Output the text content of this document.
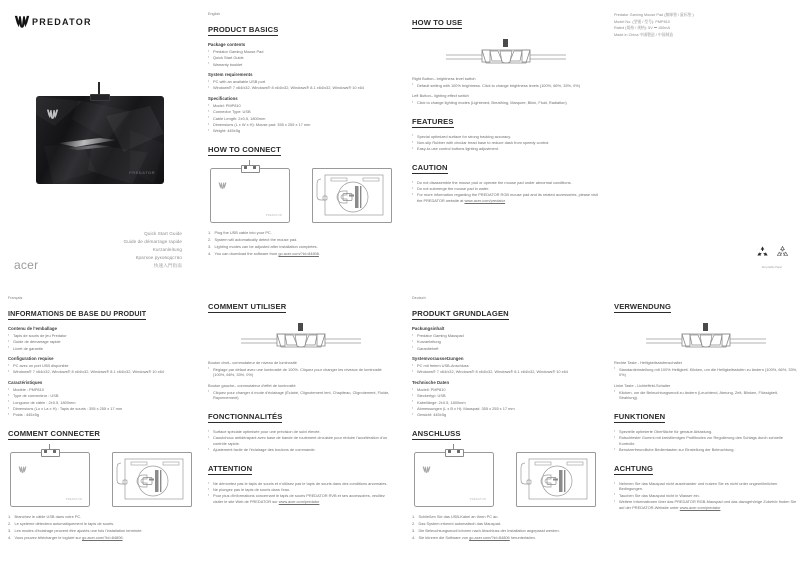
PREDATOR
PREDATOR
Quick Start Guide
Guide de démarrage rapide
Kurzanleitung
Краткое руководство
快速入門指南
acer
English
PRODUCT BASICS
Package contents
▪ Predator Gaming Mouse Pad
▪ Quick Start Guide
▪ Warranty booklet
System requirements
▪ PC with an available USB port
▪ Windows® 7 x64/x32, Windows® 8 x64/x32, Windows® 8.1 x64/x32, Windows® 10 x64
Specifications
▪ Model: PMP810
▪ Connector Type: USB
▪ Cable Length: 2±0.5, 1800mm
▪ Dimensions (L x W x H): Mouse pad: 355 x 255 x 17 mm
▪ Weight: 445±5g
HOW TO CONNECT
PREDATOR
Plug the USB cable into your PC.
System will automatically detect the mouse pad.
Lighting modes can be adjusted after installation completes.
You can download the software from go.acer.com/?id=84806.
HOW TO USE
Right Button– brightness level switch
▪ Default setting with 100% brightness. Click to change brightness levels (100%, 66%, 33%, 0%)
Left Button– lighting effect switch
▪ Click to change lighting modes (Lightened, Breathing, Marquee, Blink, Fluid, Radiation)
FEATURES
▪ Special optimized surface for strong tracking accuracy.
▪ Non-slip Rubber with circular tread base to reduce dash from speedy control.
▪ Easy-to-use control buttons lighting adjustment.
CAUTION
▪ Do not disassemble the mouse pad or operate the mouse pad under abnormal conditions.
▪ Do not submerge the mouse pad in water.
▪ For more information regarding the PREDATOR RGB mouse pad and its related accessories, please visit the PREDATOR website at www.acer.com/predator
Predator Gaming Mouse Pad (無線墊 / 鼠标垫 )
Model No. (型號 / 型号): PMP810
Rated (規格 / 规格): 5V ⎓ 150mA
Made in China 中國製造 / 中国制造
Recyclable Paper
Français
INFORMATIONS DE BASE DU PRODUIT
Contenu de l'emballage
▪ Tapis de souris de jeu Predator
▪ Guide de démarrage rapide
▪ Livret de garantie
Configuration requise
▪ PC avec un port USB disponible
▪ Windows® 7 x64/x32, Windows® 8 x64/x32, Windows® 8.1 x64/x32, Windows® 10 x64
Caractéristiques
▪ Modèle : PMP810
▪ Type de connecteur : USB
▪ Longueur de câble : 2±0.5, 1800mm
▪ Dimensions (Lo x La x H) : Tapis de souris : 355 x 255 x 17 mm
▪ Poids : 445±5g
COMMENT CONNECTER
PREDATOR
Branchez le câble USB dans votre PC.
Le système détectera automatiquement le tapis de souris.
Les modes d'éclairage peuvent être ajustés une fois l'installation terminée.
Vous pouvez télécharger le logiciel sur go.acer.com/?id=84806.
COMMENT UTILISER
Bouton droit– commutateur de niveau de luminosité
▪ Réglage par défaut avec une luminosité de 100%. Cliquez pour changer les niveaux de luminosité (100%, 66%, 33%, 0%)
Bouton gauche– commutateur d'effet de luminosité
▪ Cliquez pour changer d mode d'éclairage (Éclairé, Clignotement lent, Chapiteau, Clignotement, Fluide, Rayonnement)
FONCTIONNALITÉS
▪ Surface spéciale optimisée pour une précision de suivi élevée.
▪ Caoutchouc antidérapant avec base de bande de roulement circulaire pour réduire l'accélération d'un contrôle rapide.
▪ Ajustement facile de l'éclairage des boutons de commande.
ATTENTION
▪ Ne démontez pas le tapis de souris et n'utilisez pas le tapis de souris dans des conditions anormales.
▪ Ne plongez pas le tapis de souris dans l'eau.
▪ Pour plus d'informations concernant le tapis de souris PREDATOR RVB et ses accessoires, veuillez visiter le site Web de PREDATOR sur www.acer.com/predator
Deutsch
PRODUKT GRUNDLAGEN
Packungsinhalt
▪ Predator Gaming Mauspad
▪ Kurzanleitung
▪ Garantieheft
Systemvoraussetzungen
▪ PC mit freiem USB-Anschluss
▪ Windows® 7 x64/x32, Windows® 8 x64/x32, Windows® 8.1 x64/x32, Windows® 10 x64
Technische Daten
▪ Modell: PMP810
▪ Steckertyp: USB
▪ Kabellänge: 2±0.5, 1800mm
▪ Abmessungen (L x B x H): Mauspad: 355 x 255 x 17 mm
▪ Gewicht: 445±5g
ANSCHLUSS
PREDATOR
Schließen Sie das USB-Kabel an Ihren PC an.
Das System erkennt automatisch das Mauspad.
Die Beleuchtungsmodi können nach Abschluss der Installation angepasst werden.
Sie können die Software von go.acer.com/?id=84806 herunterladen.
VERWENDUNG
Rechte Taste - Helligkeitsstufenschalter
▪ Standardeinstellung mit 100% Helligkeit. Klicken, um die Helligkeitsstufen zu ändern (100%, 66%, 33%, 0%)
Linke Taste - Lichteffekt-Schalter
▪ Klicken, um die Beleuchtungsmodi zu ändern (Leuchtend, Atmung, Zelt, Blinken, Flüssigkeit, Strahlung).
FUNKTIONEN
▪ Spezielle optimierte Oberfläche für genaue Abtastung.
▪ Rutschfester Gummi mit kreisförmigen Profilboden zur Regulierung des Schlags durch schnelle Kontrolle.
▪ Benutzerfreundliche Bedientasten zur Einstellung der Beleuchtung.
ACHTUNG
▪ Nehmen Sie das Mauspad nicht auseinander und nutzen Sie es nicht unter ungewöhnlichen Bedingungen.
▪ Tauchen Sie das Mauspad nicht in Wasser ein.
▪ Weitere Informationen über das PREDATOR RGB-Mauspad und das dazugehörige Zubehör finden Sie auf der PREDATOR-Website unter www.acer.com/predator
